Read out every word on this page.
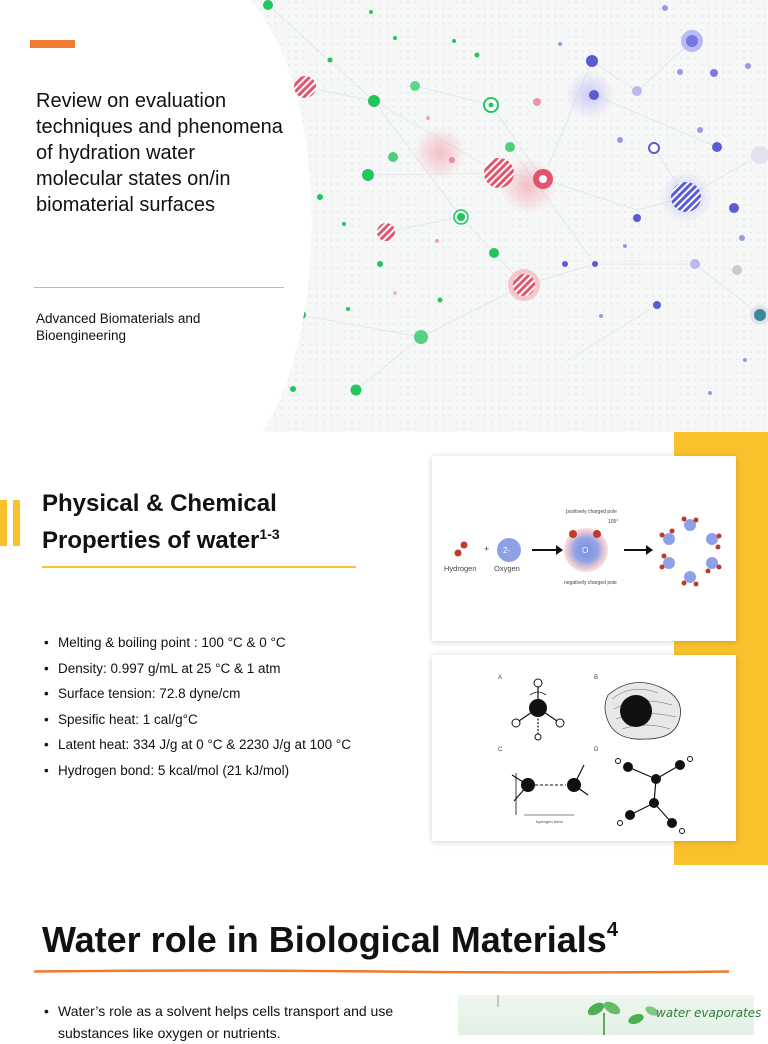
Review on evaluation techniques and phenomena of hydration water molecular states on/in biomaterial surfaces
Advanced Biomaterials and Bioengineering
Physical & Chemical Properties of water$^{1-3}$
• Melting & boiling point : 100 °C & 0 °C
• Density: 0.997 g/mL at 25 °C & 1 atm
• Surface tension: 72.8 dyne/cm
• Spesific heat: 1 cal/g°C
• Latent heat: 334 J/g at 0 °C & 2230 J/g at 100 °C
• Hydrogen bond: 5 kcal/mol (21 kJ/mol)
Hydrogen
+ 2-
Oxygen
O
positively charged pole
105°
negatively charged pole
A	B
C	D
hydrogen bond
Water role in Biological Materials$^4$
• Water’s role as a solvent helps cells transport and use substances like oxygen or nutrients.
water evaporates
